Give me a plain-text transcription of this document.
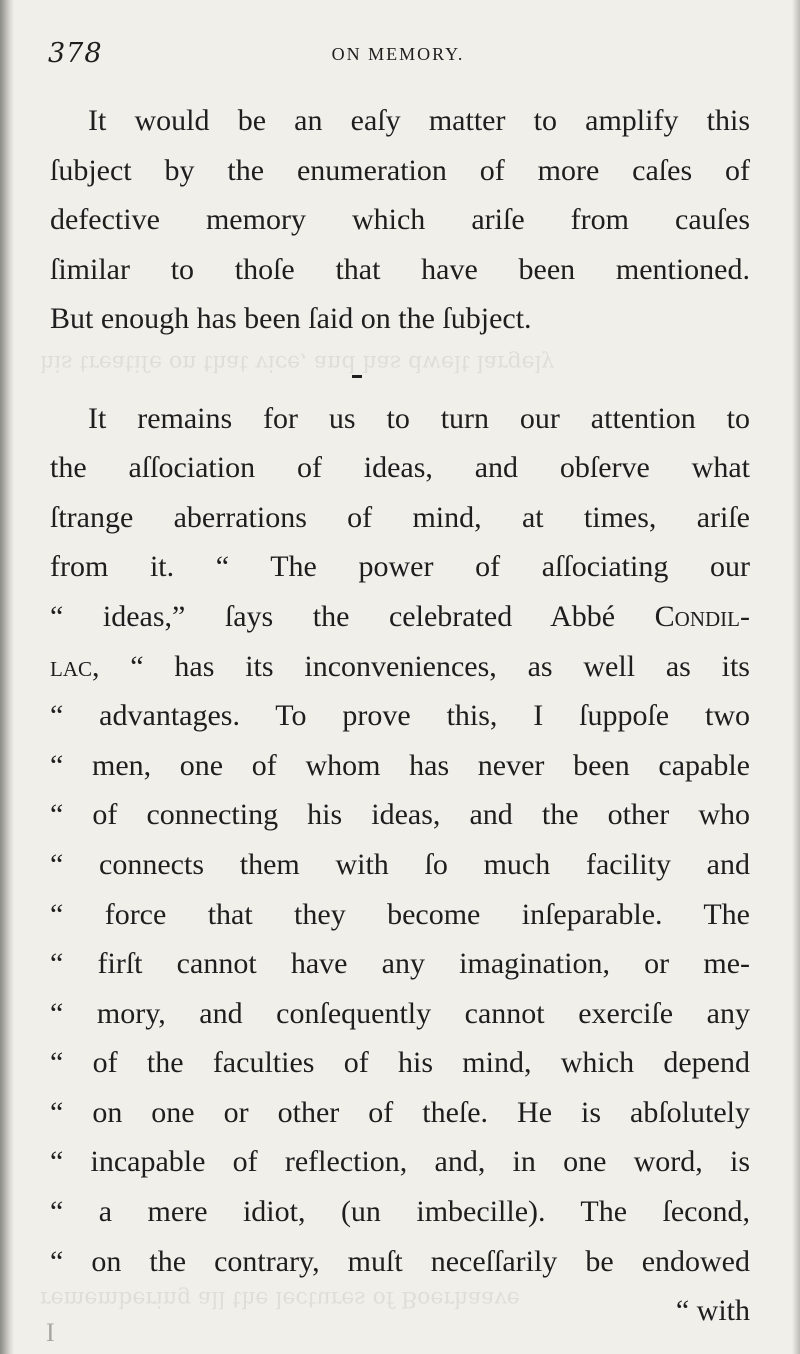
his treatiſe on that vice, and has dwelt largely
remembering all the lectures of Boerhaave
378	ON MEMORY.
It would be an eaſy matter to amplify this
ſubject by the enumeration of more caſes of
defective memory which ariſe from cauſes
ſimilar to thoſe that have been mentioned.
But enough has been ſaid on the ſubject.
It remains for us to turn our attention to
the aſſociation of ideas, and obſerve what
ſtrange aberrations of mind, at times, ariſe
from it. “ The power of aſſociating our
“ ideas,” ſays the celebrated Abbé Condil-
lac, “ has its inconveniences, as well as its
“ advantages. To prove this, I ſuppoſe two
“ men, one of whom has never been capable
“ of connecting his ideas, and the other who
“ connects them with ſo much facility and
“ force that they become inſeparable. The
“ firſt cannot have any imagination, or me-
“ mory, and conſequently cannot exerciſe any
“ of the faculties of his mind, which depend
“ on one or other of theſe. He is abſolutely
“ incapable of reflection, and, in one word, is
“ a mere idiot, (un imbecille). The ſecond,
“ on the contrary, muſt neceſſarily be endowed
“ with
I
